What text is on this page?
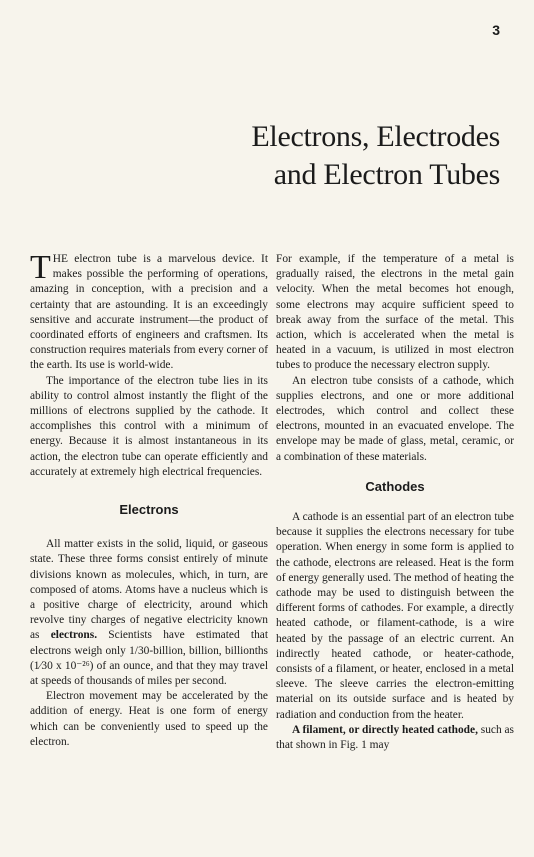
3
Electrons, Electrodes
and Electron Tubes

THE electron tube is a marvelous device. It makes possible the performing of operations, amazing in conception, with a precision and a certainty that are astounding. It is an exceedingly sensitive and accurate instrument—the product of coordinated efforts of engineers and craftsmen. Its construction requires materials from every corner of the earth. Its use is world-wide.

The importance of the electron tube lies in its ability to control almost instantly the flight of the millions of electrons supplied by the cathode. It accomplishes this control with a minimum of energy. Because it is almost instantaneous in its action, the electron tube can operate efficiently and accurately at extremely high electrical frequencies.

Electrons

All matter exists in the solid, liquid, or gaseous state. These three forms consist entirely of minute divisions known as molecules, which, in turn, are composed of atoms. Atoms have a nucleus which is a positive charge of electricity, around which revolve tiny charges of negative electricity known as electrons. Scientists have estimated that electrons weigh only 1/30-billion, billion, billionths (1⁄30 x 10⁻²⁶) of an ounce, and that they may travel at speeds of thousands of miles per second.

Electron movement may be accelerated by the addition of energy. Heat is one form of energy which can be conveniently used to speed up the electron.

For example, if the temperature of a metal is gradually raised, the electrons in the metal gain velocity. When the metal becomes hot enough, some electrons may acquire sufficient speed to break away from the surface of the metal. This action, which is accelerated when the metal is heated in a vacuum, is utilized in most electron tubes to produce the necessary electron supply.

An electron tube consists of a cathode, which supplies electrons, and one or more additional electrodes, which control and collect these electrons, mounted in an evacuated envelope. The envelope may be made of glass, metal, ceramic, or a combination of these materials.

Cathodes

A cathode is an essential part of an electron tube because it supplies the electrons necessary for tube operation. When energy in some form is applied to the cathode, electrons are released. Heat is the form of energy generally used. The method of heating the cathode may be used to distinguish between the different forms of cathodes. For example, a directly heated cathode, or filament-cathode, is a wire heated by the passage of an electric current. An indirectly heated cathode, or heater-cathode, consists of a filament, or heater, enclosed in a metal sleeve. The sleeve carries the electron-emitting material on its outside surface and is heated by radiation and conduction from the heater.

A filament, or directly heated cathode, such as that shown in Fig. 1 may
